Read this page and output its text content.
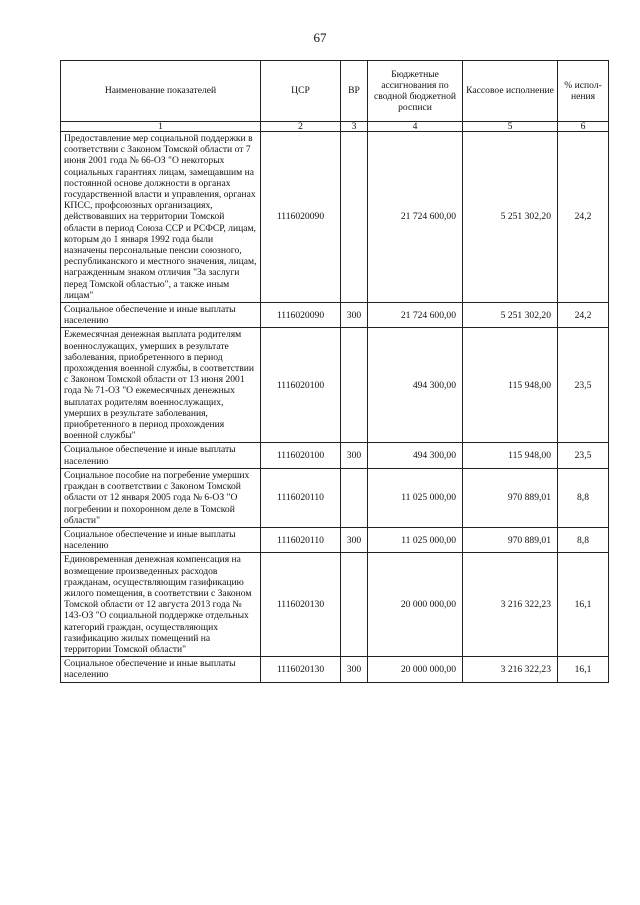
67
Наименование показателей	ЦСР	ВР	Бюджетные ассигнования по сводной бюджетной росписи	Кассовое исполнение	% испол-нения
1	2	3	4	5	6
Предоставление мер социальной поддержки в соответствии с Законом Томской области от 7 июня 2001 года № 66-ОЗ "О некоторых социальных гарантиях лицам, замещавшим на постоянной основе должности в органах государственной власти и управления, органах КПСС, профсоюзных организациях, действовавших на территории Томской области в период Союза ССР и РСФСР, лицам, которым до 1 января 1992 года были назначены персональные пенсии союзного, республиканского и местного значения, лицам, награжденным знаком отличия "За заслуги перед Томской областью", а также иным лицам"	1116020090		21 724 600,00	5 251 302,20	24,2
Социальное обеспечение и иные выплаты населению	1116020090	300	21 724 600,00	5 251 302,20	24,2
Ежемесячная денежная выплата родителям военнослужащих, умерших в результате заболевания, приобретенного в период прохождения военной службы, в соответствии с Законом Томской области от 13 июня 2001 года № 71-ОЗ "О ежемесячных денежных выплатах родителям военнослужащих, умерших в результате заболевания, приобретенного в период прохождения военной службы"	1116020100		494 300,00	115 948,00	23,5
Социальное обеспечение и иные выплаты населению	1116020100	300	494 300,00	115 948,00	23,5
Социальное пособие на погребение умерших граждан в соответствии с Законом Томской области от 12 января 2005 года № 6-ОЗ "О погребении и похоронном деле в Томской области"	1116020110		11 025 000,00	970 889,01	8,8
Социальное обеспечение и иные выплаты населению	1116020110	300	11 025 000,00	970 889,01	8,8
Единовременная денежная компенсация на возмещение произведенных расходов гражданам, осуществляющим газификацию жилого помещения, в соответствии с Законом Томской области от 12 августа 2013 года № 143-ОЗ "О социальной поддержке отдельных категорий граждан, осуществляющих газификацию жилых помещений на территории Томской области"	1116020130		20 000 000,00	3 216 322,23	16,1
Социальное обеспечение и иные выплаты населению	1116020130	300	20 000 000,00	3 216 322,23	16,1
